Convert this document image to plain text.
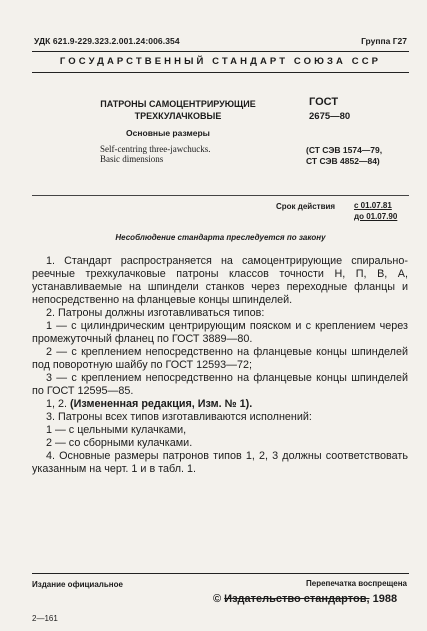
УДК 621.9-229.323.2.001.24:006.354	Группа Г27
ГОСУДАРСТВЕННЫЙ СТАНДАРТ СОЮЗА ССР
ПАТРОНЫ САМОЦЕНТРИРУЮЩИЕ
ТРЕХКУЛАЧКОВЫЕ
Основные размеры
Self-centring three-jawchucks.
Basic dimensions
ГОСТ
2675—80
(СТ СЭВ 1574—79,
СТ СЭВ 4852—84)
Срок действия с 01.07.81
до 01.07.90
Несоблюдение стандарта преследуется по закону

1. Стандарт распространяется на самоцентрирующие спирально-реечные трехкулачковые патроны классов точности Н, П, В, А, устанавливаемые на шпиндели станков через переходные фланцы и непосредственно на фланцевые концы шпинделей.

2. Патроны должны изготавливаться типов:

1 — с цилиндрическим центрирующим пояском и с креплением через промежуточный фланец по ГОСТ 3889—80.

2 — с креплением непосредственно на фланцевые концы шпинделей под поворотную шайбу по ГОСТ 12593—72;

3 — с креплением непосредственно на фланцевые концы шпинделей по ГОСТ 12595—85.

1, 2. (Измененная редакция, Изм. № 1).

3. Патроны всех типов изготавливаются исполнений:

1 — с цельными кулачками,

2 — со сборными кулачками.

4. Основные размеры патронов типов 1, 2, 3 должны соответствовать указанным на черт. 1 и в табл. 1.

Издание официальное	Перепечатка воспрещена
© Издательство стандартов, 1988
2—161
